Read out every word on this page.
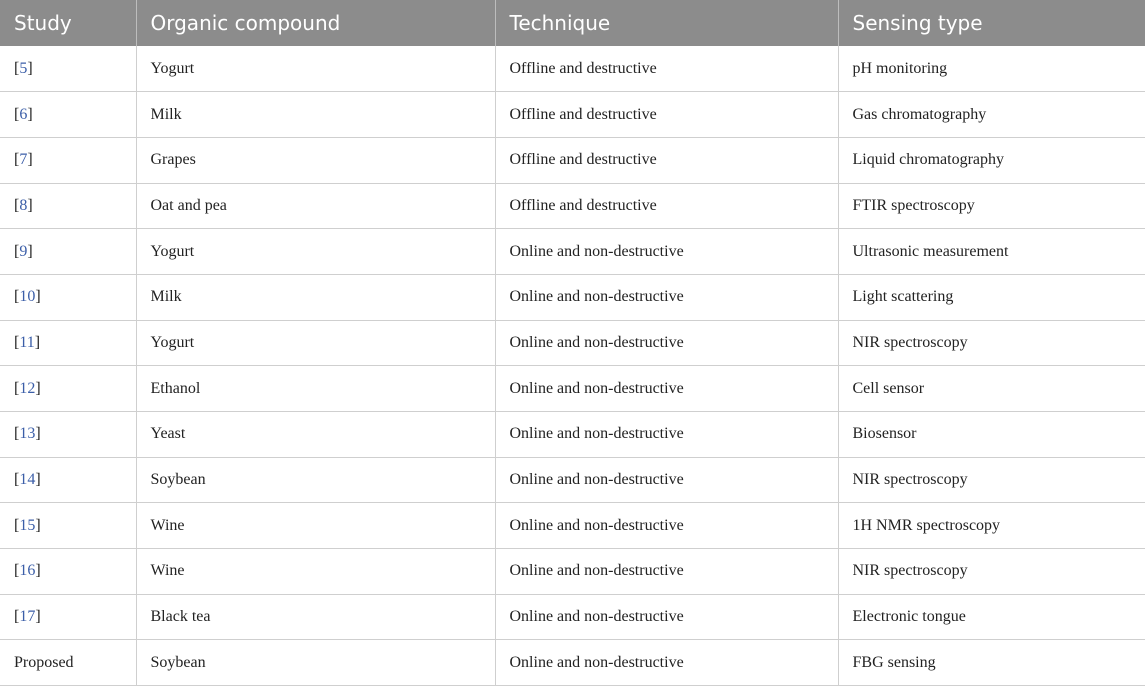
Study	Organic compound	Technique	Sensing type
[5]	Yogurt	Offline and destructive	pH monitoring
[6]	Milk	Offline and destructive	Gas chromatography
[7]	Grapes	Offline and destructive	Liquid chromatography
[8]	Oat and pea	Offline and destructive	FTIR spectroscopy
[9]	Yogurt	Online and non-destructive	Ultrasonic measurement
[10]	Milk	Online and non-destructive	Light scattering
[11]	Yogurt	Online and non-destructive	NIR spectroscopy
[12]	Ethanol	Online and non-destructive	Cell sensor
[13]	Yeast	Online and non-destructive	Biosensor
[14]	Soybean	Online and non-destructive	NIR spectroscopy
[15]	Wine	Online and non-destructive	1H NMR spectroscopy
[16]	Wine	Online and non-destructive	NIR spectroscopy
[17]	Black tea	Online and non-destructive	Electronic tongue
Proposed	Soybean	Online and non-destructive	FBG sensing
